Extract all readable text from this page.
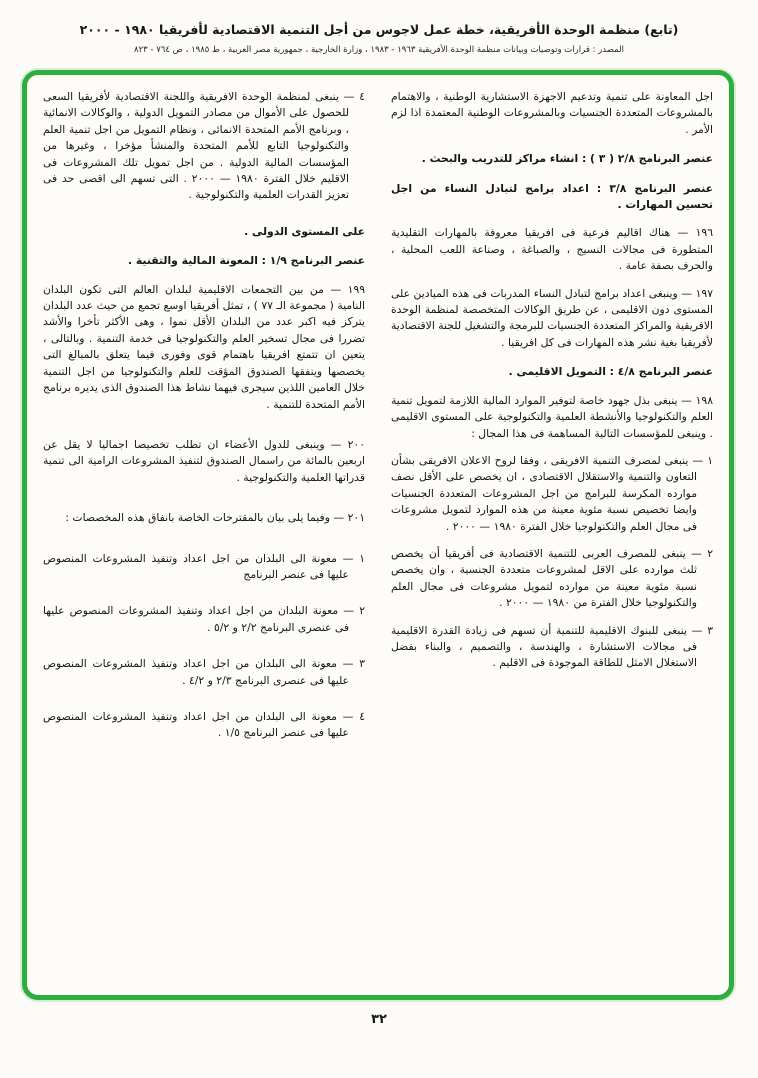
(تابع) منظمة الوحدة الأفريقية، خطة عمل لاجوس من أجل التنمية الاقتصادية لأفريقيا ١٩٨٠ - ٢٠٠٠
المصدر : قرارات وتوصيات وبيانات منظمة الوحدة الأفريقية ١٩٦٣ - ١٩٨٣ ، وزارة الخارجية ، جمهورية مصر العربية ، ط ١٩٨٥ ، ص ٧٦٤ - ٨٢٣
اجل المعاونة على تنمية وتدعيم الاجهزة الاستشارية الوطنية ، والاهتمام بالمشروعات المتعددة الجنسيات وبالمشروعات الوطنية المعتمدة اذا لزم الأمر .
عنصر البرنامج ٢/٨ ( ٣ ) : انشاء مراكز للتدريب والبحث .
عنصر البرنامج ٣/٨ : اعداد برامج لتبادل النساء من اجل تحسين المهارات .
١٩٦ — هناك اقاليم فرعية فى افريقيا معروفة بالمهارات التقليدية المتطورة فى مجالات النسيج ، والصباغة ، وصناعة اللعب المحلية ، والحرف بصفة عامة .
١٩٧ — وينبغى اعداد برامج لتبادل النساء المدربات فى هذه الميادين على المستوى دون الاقليمى ، عن طريق الوكالات المتخصصة لمنظمة الوحدة الافريقية والمراكز المتعددة الجنسيات للبرمجة والتشغيل للجنة الاقتصادية لأفريقيا بغية نشر هذه المهارات فى كل افريقيا .
عنصر البرنامج ٤/٨ : التمويل الاقليمى .
١٩٨ — ينبغى بذل جهود خاصة لتوفير الموارد المالية اللازمة لتمويل تنمية العلم والتكنولوجيا والأنشطة العلمية والتكنولوجية على المستوى الاقليمى . وينبغى للمؤسسات التالية المساهمة فى هذا المجال :
١ — ينبغى لمصرف التنمية الافريقى ، وفقا لروح الاعلان الافريقى بشأن التعاون والتنمية والاستقلال الاقتصادى ، ان يخصص على الأقل نصف موارده المكرسة للبرامج من اجل المشروعات المتعددة الجنسيات وايضا تخصيص نسبة مئوية معينة من هذه الموارد لتمويل مشروعات فى مجال العلم والتكنولوجيا خلال الفترة ١٩٨٠ — ٢٠٠٠ .
٢ — ينبغى للمصرف العربى للتنمية الاقتصادية فى أفريقيا أن يخصص ثلث موارده على الاقل لمشروعات متعددة الجنسية ، وان يخصص نسبة مئوية معينة من موارده لتمويل مشروعات فى مجال العلم والتكنولوجيا خلال الفترة من ١٩٨٠ — ٢٠٠٠ .
٣ — ينبغى للبنوك الاقليمية للتنمية أن تسهم فى زيادة القدرة الاقليمية فى مجالات الاستشارة ، والهندسة ، والتصميم ، والبناء بفضل الاستغلال الامثل للطاقة الموجودة فى الاقليم .
٤ — ينبغى لمنظمة الوحدة الافريقية واللجنة الاقتصادية لأفريقيا السعى للحصول على الأموال من مصادر التمويل الدولية ، والوكالات الانمائية ، وبرنامج الأمم المتحدة الانمائى ، ونظام التمويل من اجل تنمية العلم والتكنولوجيا التابع للأمم المتحدة والمنشأ مؤخرا ، وغيرها من المؤسسات المالية الدولية . من اجل تمويل تلك المشروعات فى الاقليم خلال الفترة ١٩٨٠ — ٢٠٠٠ . التى تسهم الى اقصى حد فى تعزيز القدرات العلمية والتكنولوجية .
على المستوى الدولى .
عنصر البرنامج ١/٩ : المعونة المالية والتقنية .
١٩٩ — من بين التجمعات الاقليمية لبلدان العالم التى تكون البلدان النامية ( مجموعة الـ ٧٧ ) ، تمثل أفريقيا اوسع تجمع من حيث عدد البلدان يتركز فيه اكبر عدد من البلدان الأقل نموا ، وهى الأكثر تأخرا والأشد تضررا فى مجال تسخير العلم والتكنولوجيا فى خدمة التنمية . وبالتالى ، يتعين ان تتمتع افريقيا باهتمام قوى وفورى فيما يتعلق بالمبالغ التى يخصصها وينفقها الصندوق المؤقت للعلم والتكنولوجيا من اجل التنمية خلال العامين اللذين سيجرى فيهما نشاط هذا الصندوق الذى يديره برنامج الأمم المتحدة للتنمية .
٢٠٠ — وينبغى للدول الأعضاء ان تطلب تخصيصا اجماليا لا يقل عن اربعين بالمائة من راسمال الصندوق لتنفيذ المشروعات الرامية الى تنمية قدراتها العلمية والتكنولوجية .
٢٠١ — وفيما يلى بيان بالمقترحات الخاصة بانفاق هذه المخصصات :
١ — معونة الى البلدان من اجل اعداد وتنفيذ المشروعات المنصوص عليها فى عنصر البرنامج
٢ — معونة البلدان من اجل اعداد وتنفيذ المشروعات المنصوص عليها فى عنصرى البرنامج ٢/٢ و ٥/٢ .
٣ — معونة الى البلدان من اجل اعداد وتنفيذ المشروعات المنصوص عليها فى عنصرى البرنامج ٢/٣ و ٤/٢ .
٤ — معونة الى البلدان من اجل اعداد وتنفيذ المشروعات المنصوص عليها فى عنصر البرنامج ١/٥ .
٣٢
